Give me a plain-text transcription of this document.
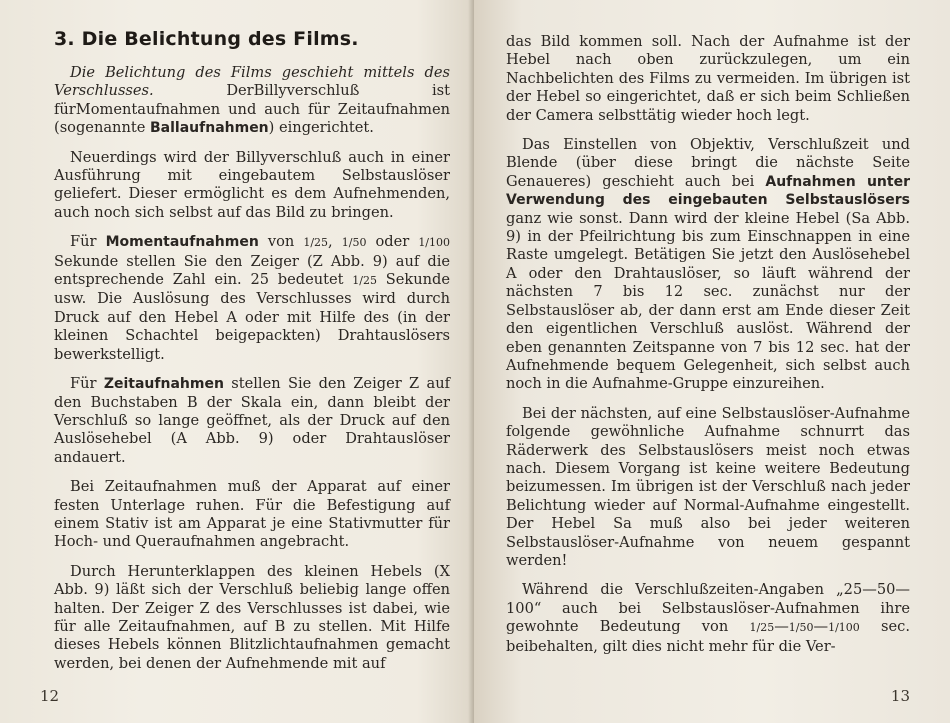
3. Die Belichtung des Films.

Die Belichtung des Films geschieht mittels des Verschlusses. DerBillyverschluß ist fürMomentaufnahmen und auch für Zeitaufnahmen (sogenannte Ballaufnahmen) eingerichtet.

Neuerdings wird der Billyverschluß auch in einer Ausführung mit eingebautem Selbstauslöser geliefert. Dieser ermöglicht es dem Aufnehmenden, auch noch sich selbst auf das Bild zu bringen.

Für Momentaufnahmen von 1/25, 1/50 oder 1/100 Sekunde stellen Sie den Zeiger (Z Abb. 9) auf die entsprechende Zahl ein. 25 bedeutet 1/25 Sekunde usw. Die Auslösung des Verschlusses wird durch Druck auf den Hebel A oder mit Hilfe des (in der kleinen Schachtel beigepackten) Drahtauslösers bewerkstelligt.

Für Zeitaufnahmen stellen Sie den Zeiger Z auf den Buchstaben B der Skala ein, dann bleibt der Verschluß so lange geöffnet, als der Druck auf den Auslösehebel (A Abb. 9) oder Drahtauslöser andauert.

Bei Zeitaufnahmen muß der Apparat auf einer festen Unterlage ruhen. Für die Befestigung auf einem Stativ ist am Apparat je eine Stativmutter für Hoch- und Queraufnahmen angebracht.

Durch Herunterklappen des kleinen Hebels (X Abb. 9) läßt sich der Verschluß beliebig lange offen halten. Der Zeiger Z des Verschlusses ist dabei, wie für alle Zeitaufnahmen, auf B zu stellen. Mit Hilfe dieses Hebels können Blitzlichtaufnahmen gemacht werden, bei denen der Aufnehmende mit auf

12

das Bild kommen soll. Nach der Aufnahme ist der Hebel nach oben zurückzulegen, um ein Nachbelichten des Films zu vermeiden. Im übrigen ist der Hebel so eingerichtet, daß er sich beim Schließen der Camera selbsttätig wieder hoch legt.

Das Einstellen von Objektiv, Verschlußzeit und Blende (über diese bringt die nächste Seite Genaueres) geschieht auch bei Aufnahmen unter Verwendung des eingebauten Selbstauslösers ganz wie sonst. Dann wird der kleine Hebel (Sa Abb. 9) in der Pfeilrichtung bis zum Einschnappen in eine Raste umgelegt. Betätigen Sie jetzt den Auslösehebel A oder den Drahtauslöser, so läuft während der nächsten 7 bis 12 sec. zunächst nur der Selbstauslöser ab, der dann erst am Ende dieser Zeit den eigentlichen Verschluß auslöst. Während der eben genannten Zeitspanne von 7 bis 12 sec. hat der Aufnehmende bequem Gelegenheit, sich selbst auch noch in die Aufnahme-Gruppe einzureihen.

Bei der nächsten, auf eine Selbstauslöser-Aufnahme folgende gewöhnliche Aufnahme schnurrt das Räderwerk des Selbstauslösers meist noch etwas nach. Diesem Vorgang ist keine weitere Bedeutung beizumessen. Im übrigen ist der Verschluß nach jeder Belichtung wieder auf Normal-Aufnahme eingestellt. Der Hebel Sa muß also bei jeder weiteren Selbstauslöser-Aufnahme von neuem gespannt werden!

Während die Verschlußzeiten-Angaben „25—50—100“ auch bei Selbstauslöser-Aufnahmen ihre gewohnte Bedeutung von 1/25—1/50—1/100 sec. beibehalten, gilt dies nicht mehr für die Ver-

13
